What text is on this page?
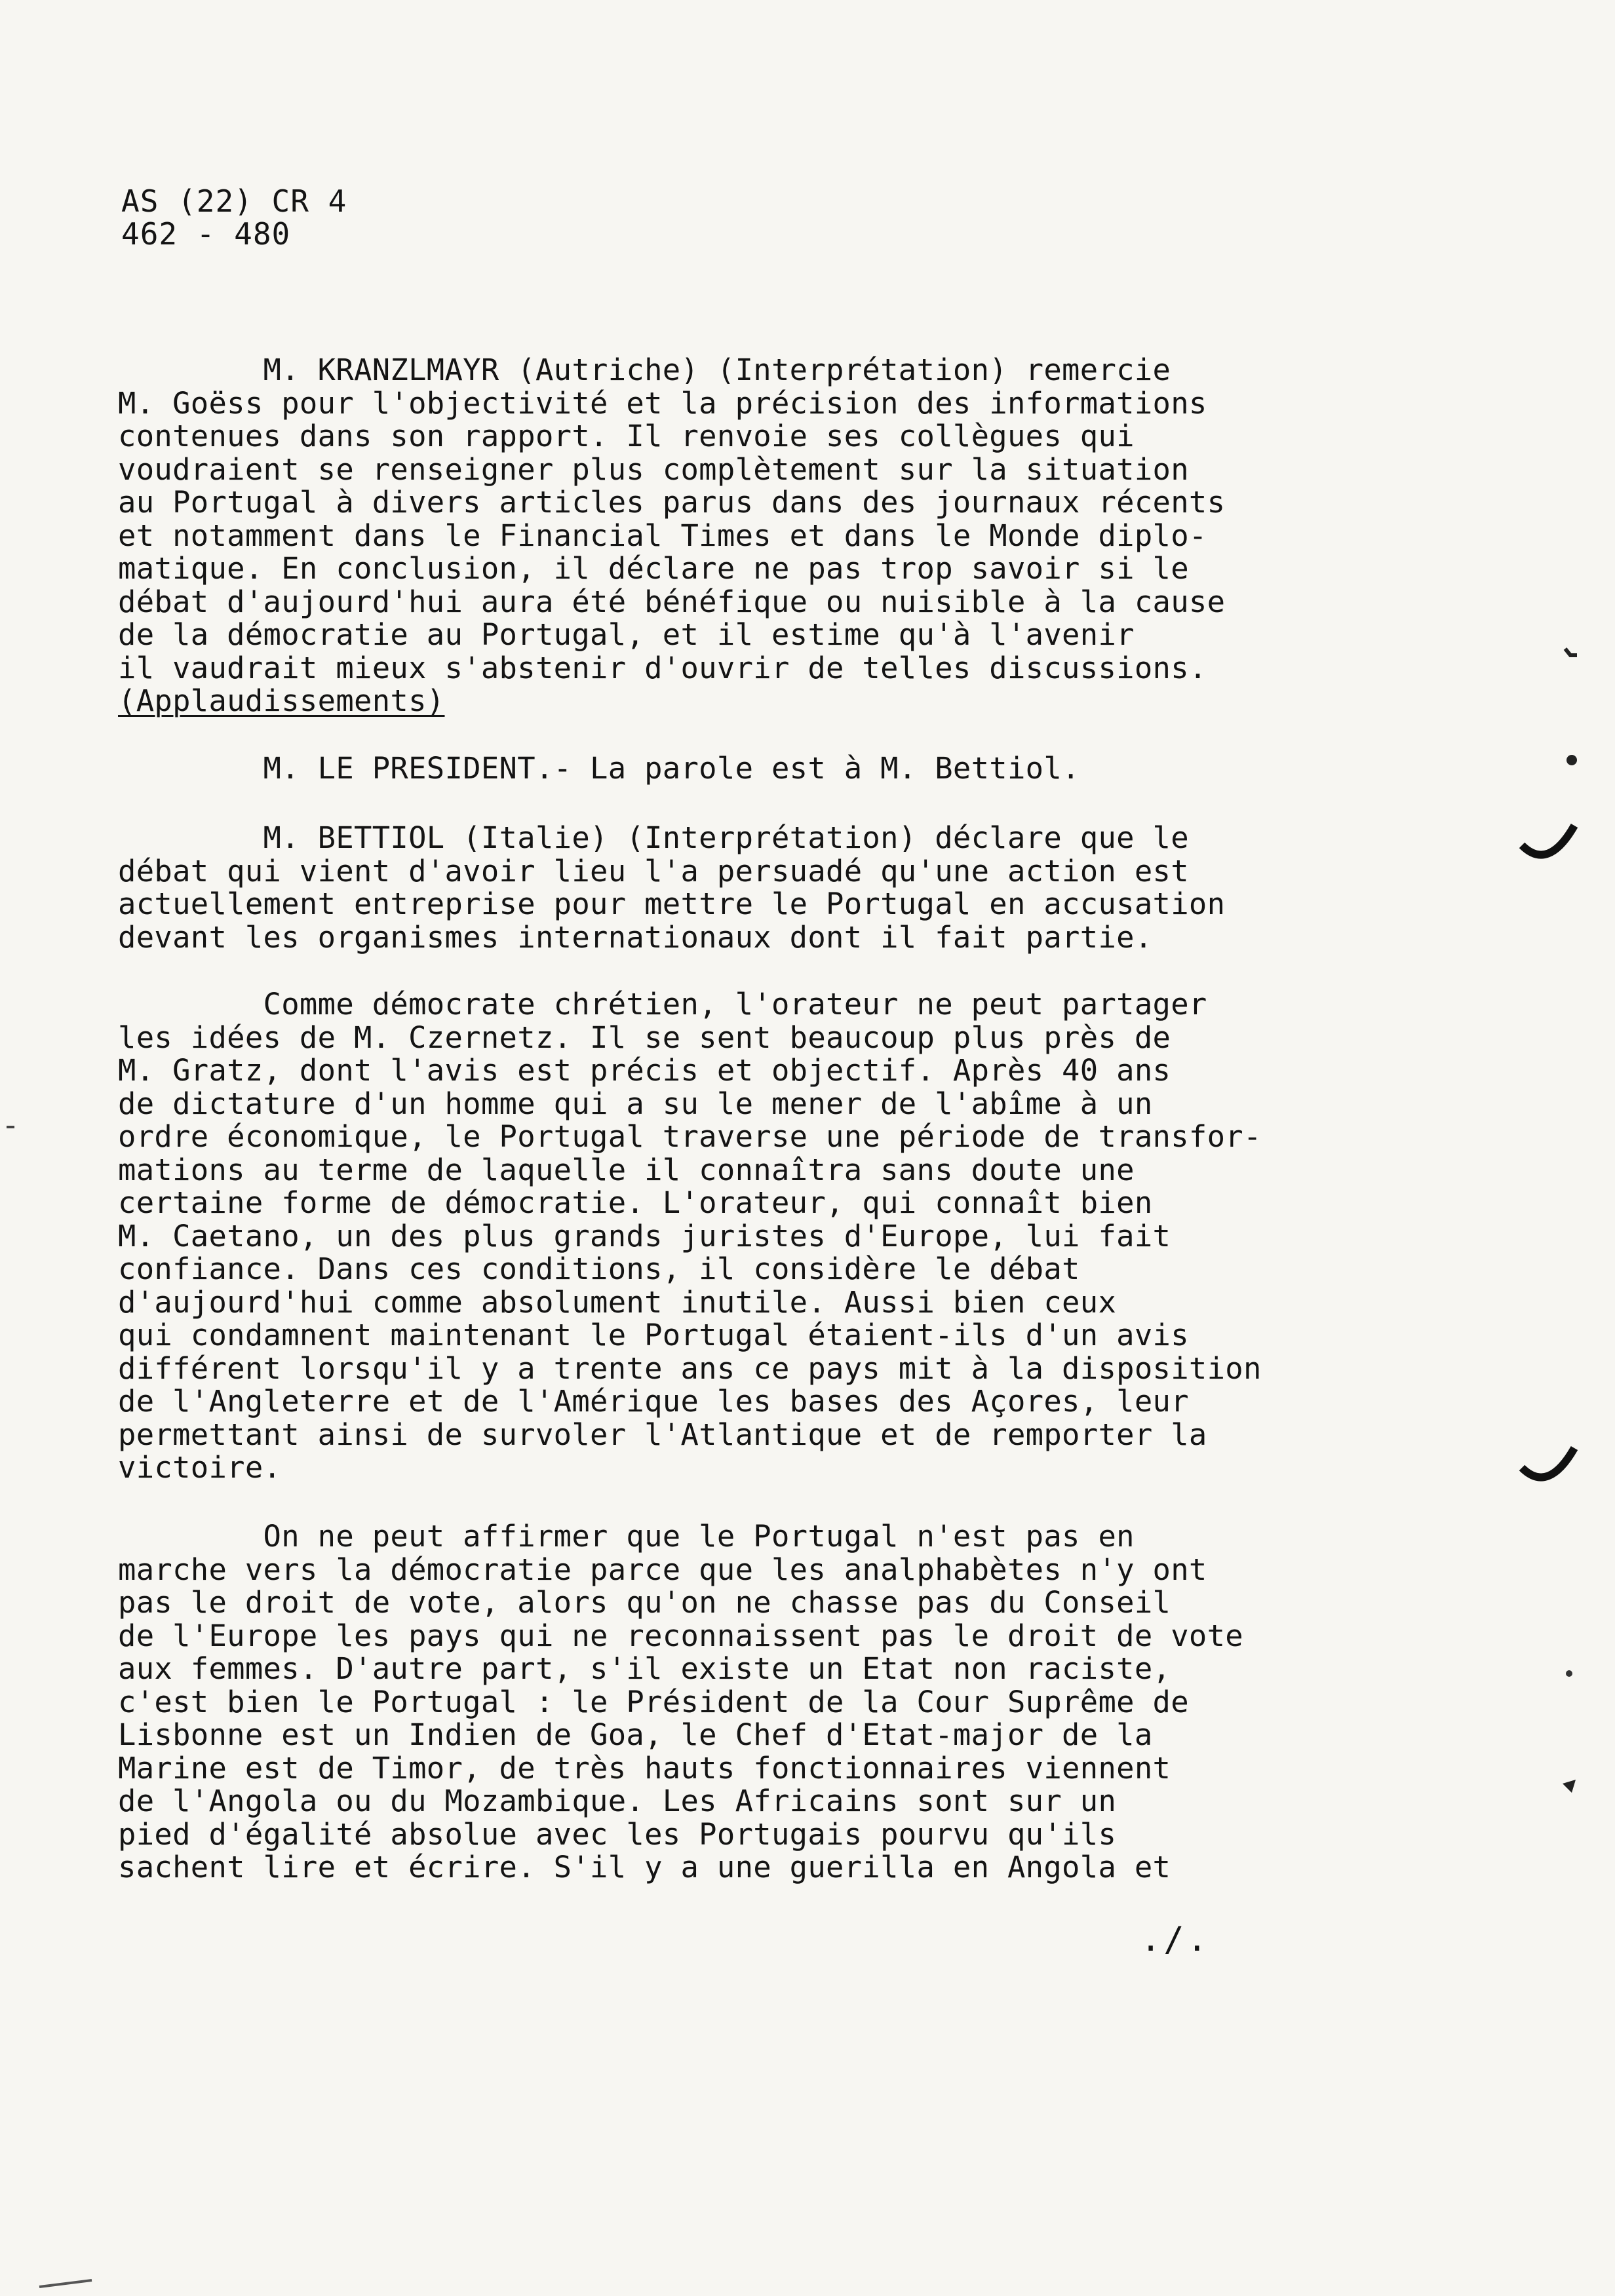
AS (22) CR 4
462 - 480
M. KRANZLMAYR (Autriche) (Interprétation) remercie
M. Goëss pour l'objectivité et la précision des informations
contenues dans son rapport. Il renvoie ses collègues qui
voudraient se renseigner plus complètement sur la situation
au Portugal à divers articles parus dans des journaux récents
et notamment dans le Financial Times et dans le Monde diplo-
matique. En conclusion, il déclare ne pas trop savoir si le
débat d'aujourd'hui aura été bénéfique ou nuisible à la cause
de la démocratie au Portugal, et il estime qu'à l'avenir
il vaudrait mieux s'abstenir d'ouvrir de telles discussions.
(Applaudissements)
M. LE PRESIDENT.- La parole est à M. Bettiol.
M. BETTIOL (Italie) (Interprétation) déclare que le
débat qui vient d'avoir lieu l'a persuadé qu'une action est
actuellement entreprise pour mettre le Portugal en accusation
devant les organismes internationaux dont il fait partie.
Comme démocrate chrétien, l'orateur ne peut partager
les idées de M. Czernetz. Il se sent beaucoup plus près de
M. Gratz, dont l'avis est précis et objectif. Après 40 ans
de dictature d'un homme qui a su le mener de l'abîme à un
ordre économique, le Portugal traverse une période de transfor-
mations au terme de laquelle il connaîtra sans doute une
certaine forme de démocratie. L'orateur, qui connaît bien
M. Caetano, un des plus grands juristes d'Europe, lui fait
confiance. Dans ces conditions, il considère le débat
d'aujourd'hui comme absolument inutile. Aussi bien ceux
qui condamnent maintenant le Portugal étaient-ils d'un avis
différent lorsqu'il y a trente ans ce pays mit à la disposition
de l'Angleterre et de l'Amérique les bases des Açores, leur
permettant ainsi de survoler l'Atlantique et de remporter la
victoire.
On ne peut affirmer que le Portugal n'est pas en
marche vers la démocratie parce que les analphabètes n'y ont
pas le droit de vote, alors qu'on ne chasse pas du Conseil
de l'Europe les pays qui ne reconnaissent pas le droit de vote
aux femmes. D'autre part, s'il existe un Etat non raciste,
c'est bien le Portugal : le Président de la Cour Suprême de
Lisbonne est un Indien de Goa, le Chef d'Etat-major de la
Marine est de Timor, de très hauts fonctionnaires viennent
de l'Angola ou du Mozambique. Les Africains sont sur un
pied d'égalité absolue avec les Portugais pourvu qu'ils
sachent lire et écrire. S'il y a une guerilla en Angola et
./.
